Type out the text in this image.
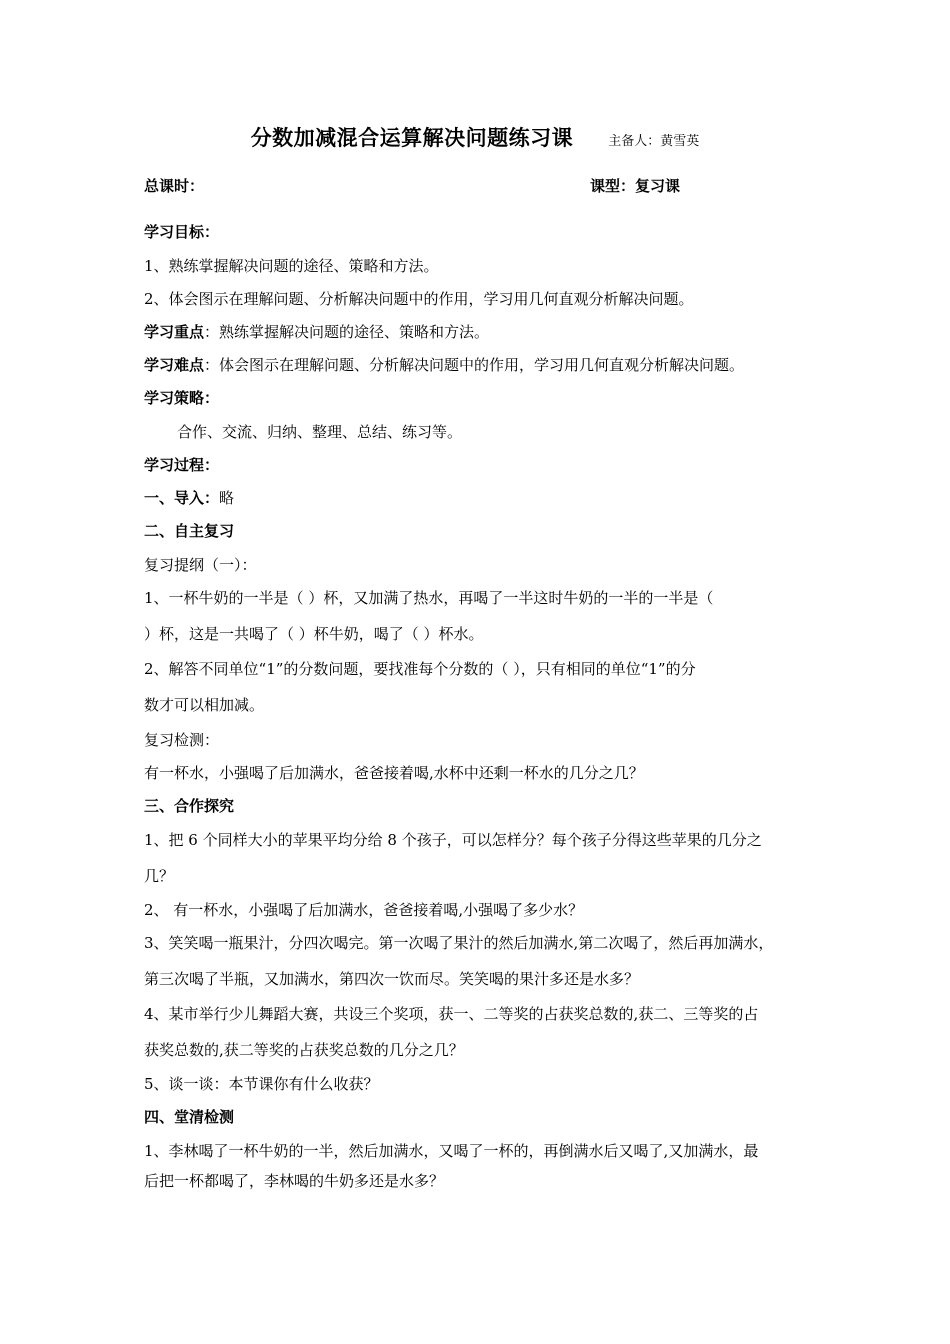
分数加减混合运算解决问题练习课	主备人：黄雪英
总课时：	课型：复习课
学习目标：
1、熟练掌握解决问题的途径、策略和方法。
2、体会图示在理解问题、分析解决问题中的作用，学习用几何直观分析解决问题。
学习重点：熟练掌握解决问题的途径、策略和方法。
学习难点：体会图示在理解问题、分析解决问题中的作用，学习用几何直观分析解决问题。
学习策略：
合作、交流、归纳、整理、总结、练习等。
学习过程：
一、导入：略
二、自主复习
复习提纲（一）：
1、一杯牛奶的一半是（ ）杯，又加满了热水，再喝了一半这时牛奶的一半的一半是（
）杯，这是一共喝了（ ）杯牛奶，喝了（ ）杯水。
2、解答不同单位“1”的分数问题，要找准每个分数的（ ），只有相同的单位“1”的分
数才可以相加减。
复习检测：
有一杯水，小强喝了后加满水，爸爸接着喝,水杯中还剩一杯水的几分之几？
三、合作探究
1、把 6 个同样大小的苹果平均分给 8 个孩子，可以怎样分？每个孩子分得这些苹果的几分之
几？
2、 有一杯水，小强喝了后加满水，爸爸接着喝,小强喝了多少水？
3、笑笑喝一瓶果汁，分四次喝完。第一次喝了果汁的然后加满水,第二次喝了，然后再加满水，
第三次喝了半瓶，又加满水，第四次一饮而尽。笑笑喝的果汁多还是水多？
4、某市举行少儿舞蹈大赛，共设三个奖项，获一、二等奖的占获奖总数的,获二、三等奖的占
获奖总数的,获二等奖的占获奖总数的几分之几？
5、谈一谈：本节课你有什么收获？
四、堂清检测
1、李林喝了一杯牛奶的一半，然后加满水，又喝了一杯的，再倒满水后又喝了,又加满水，最
后把一杯都喝了，李林喝的牛奶多还是水多？
